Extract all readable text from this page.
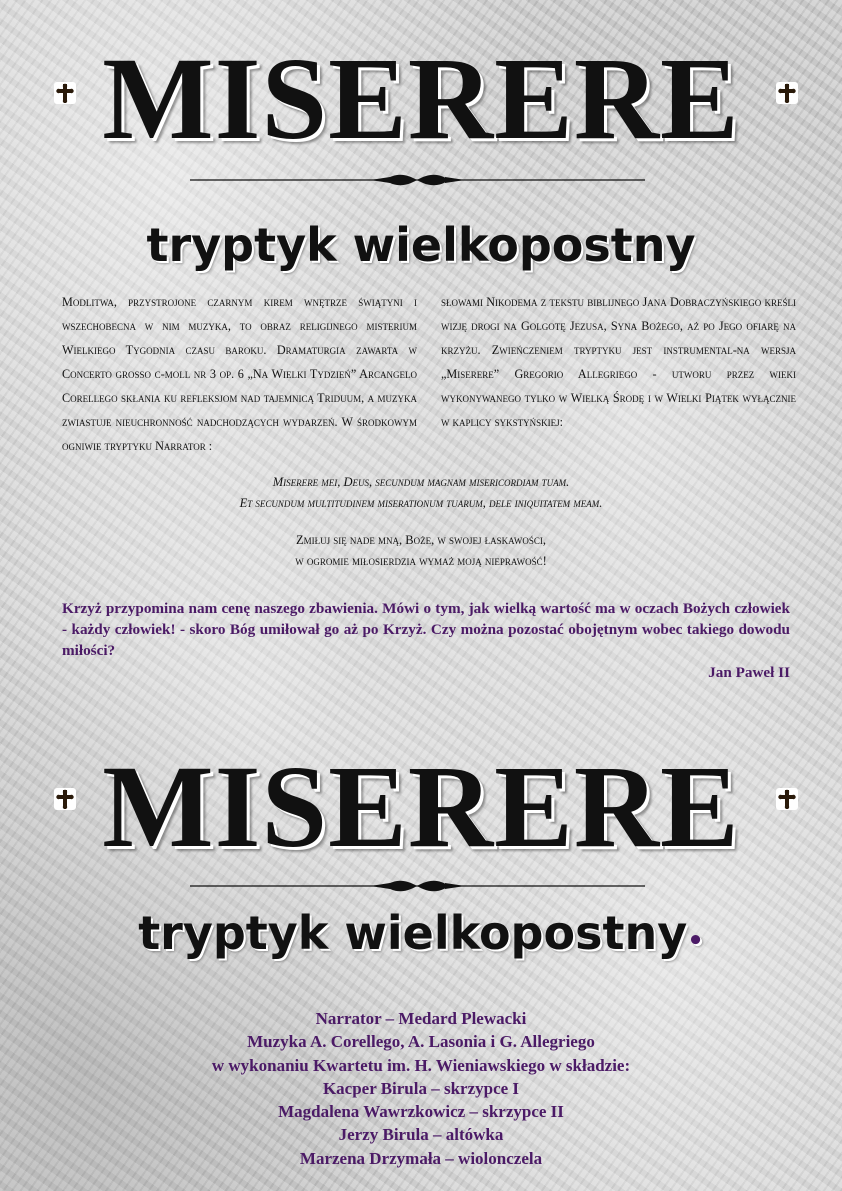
MISERERE
tryptyk wielkopostny
Modlitwa, przystrojone czarnym kirem wnętrze świątyni i wszechobecna w nim muzyka, to obraz religijnego misterium Wielkiego Tygodnia czasu baroku. Dramaturgia zawarta w Concerto grosso c-moll nr 3 op. 6 „Na Wielki Tydzień” Arcangelo Corellego skłania ku refleksjom nad tajemnicą Triduum, a muzyka zwiastuje nieuchronność nadchodzących wydarzeń. W środkowym ogniwie tryptyku Narrator :
słowami Nikodema z tekstu biblijnego Jana Dobraczyńskiego kreśli wizję drogi na Golgotę Jezusa, Syna Bożego, aż po Jego ofiarę na krzyżu. Zwieńczeniem tryptyku jest instrumental-na wersja „Miserere” Gregorio Allegriego - utworu przez wieki wykonywanego tylko w Wielką Środę i w Wielki Piątek wyłącznie w kaplicy sykstyńskiej:
Miserere mei, Deus, secundum magnam misericordiam tuam.
Et secundum multitudinem miserationum tuarum, dele iniquitatem meam.
Zmiłuj się nade mną, Boże, w swojej łaskawości,
w ogromie miłosierdzia wymaż moją nieprawość!
Krzyż przypomina nam cenę naszego zbawienia. Mówi o tym, jak wielką wartość ma w oczach Bożych człowiek - każdy człowiek! - skoro Bóg umiłował go aż po Krzyż. Czy można pozostać obojętnym wobec takiego dowodu miłości?
Jan Paweł II
MISERERE
tryptyk wielkopostny•
Narrator – Medard Plewacki
Muzyka A. Corellego, A. Lasonia i G. Allegriego
w wykonaniu Kwartetu im. H. Wieniawskiego w składzie:
Kacper Birula – skrzypce I
Magdalena Wawrzkowicz – skrzypce II
Jerzy Birula – altówka
Marzena Drzymała – wiolonczela
